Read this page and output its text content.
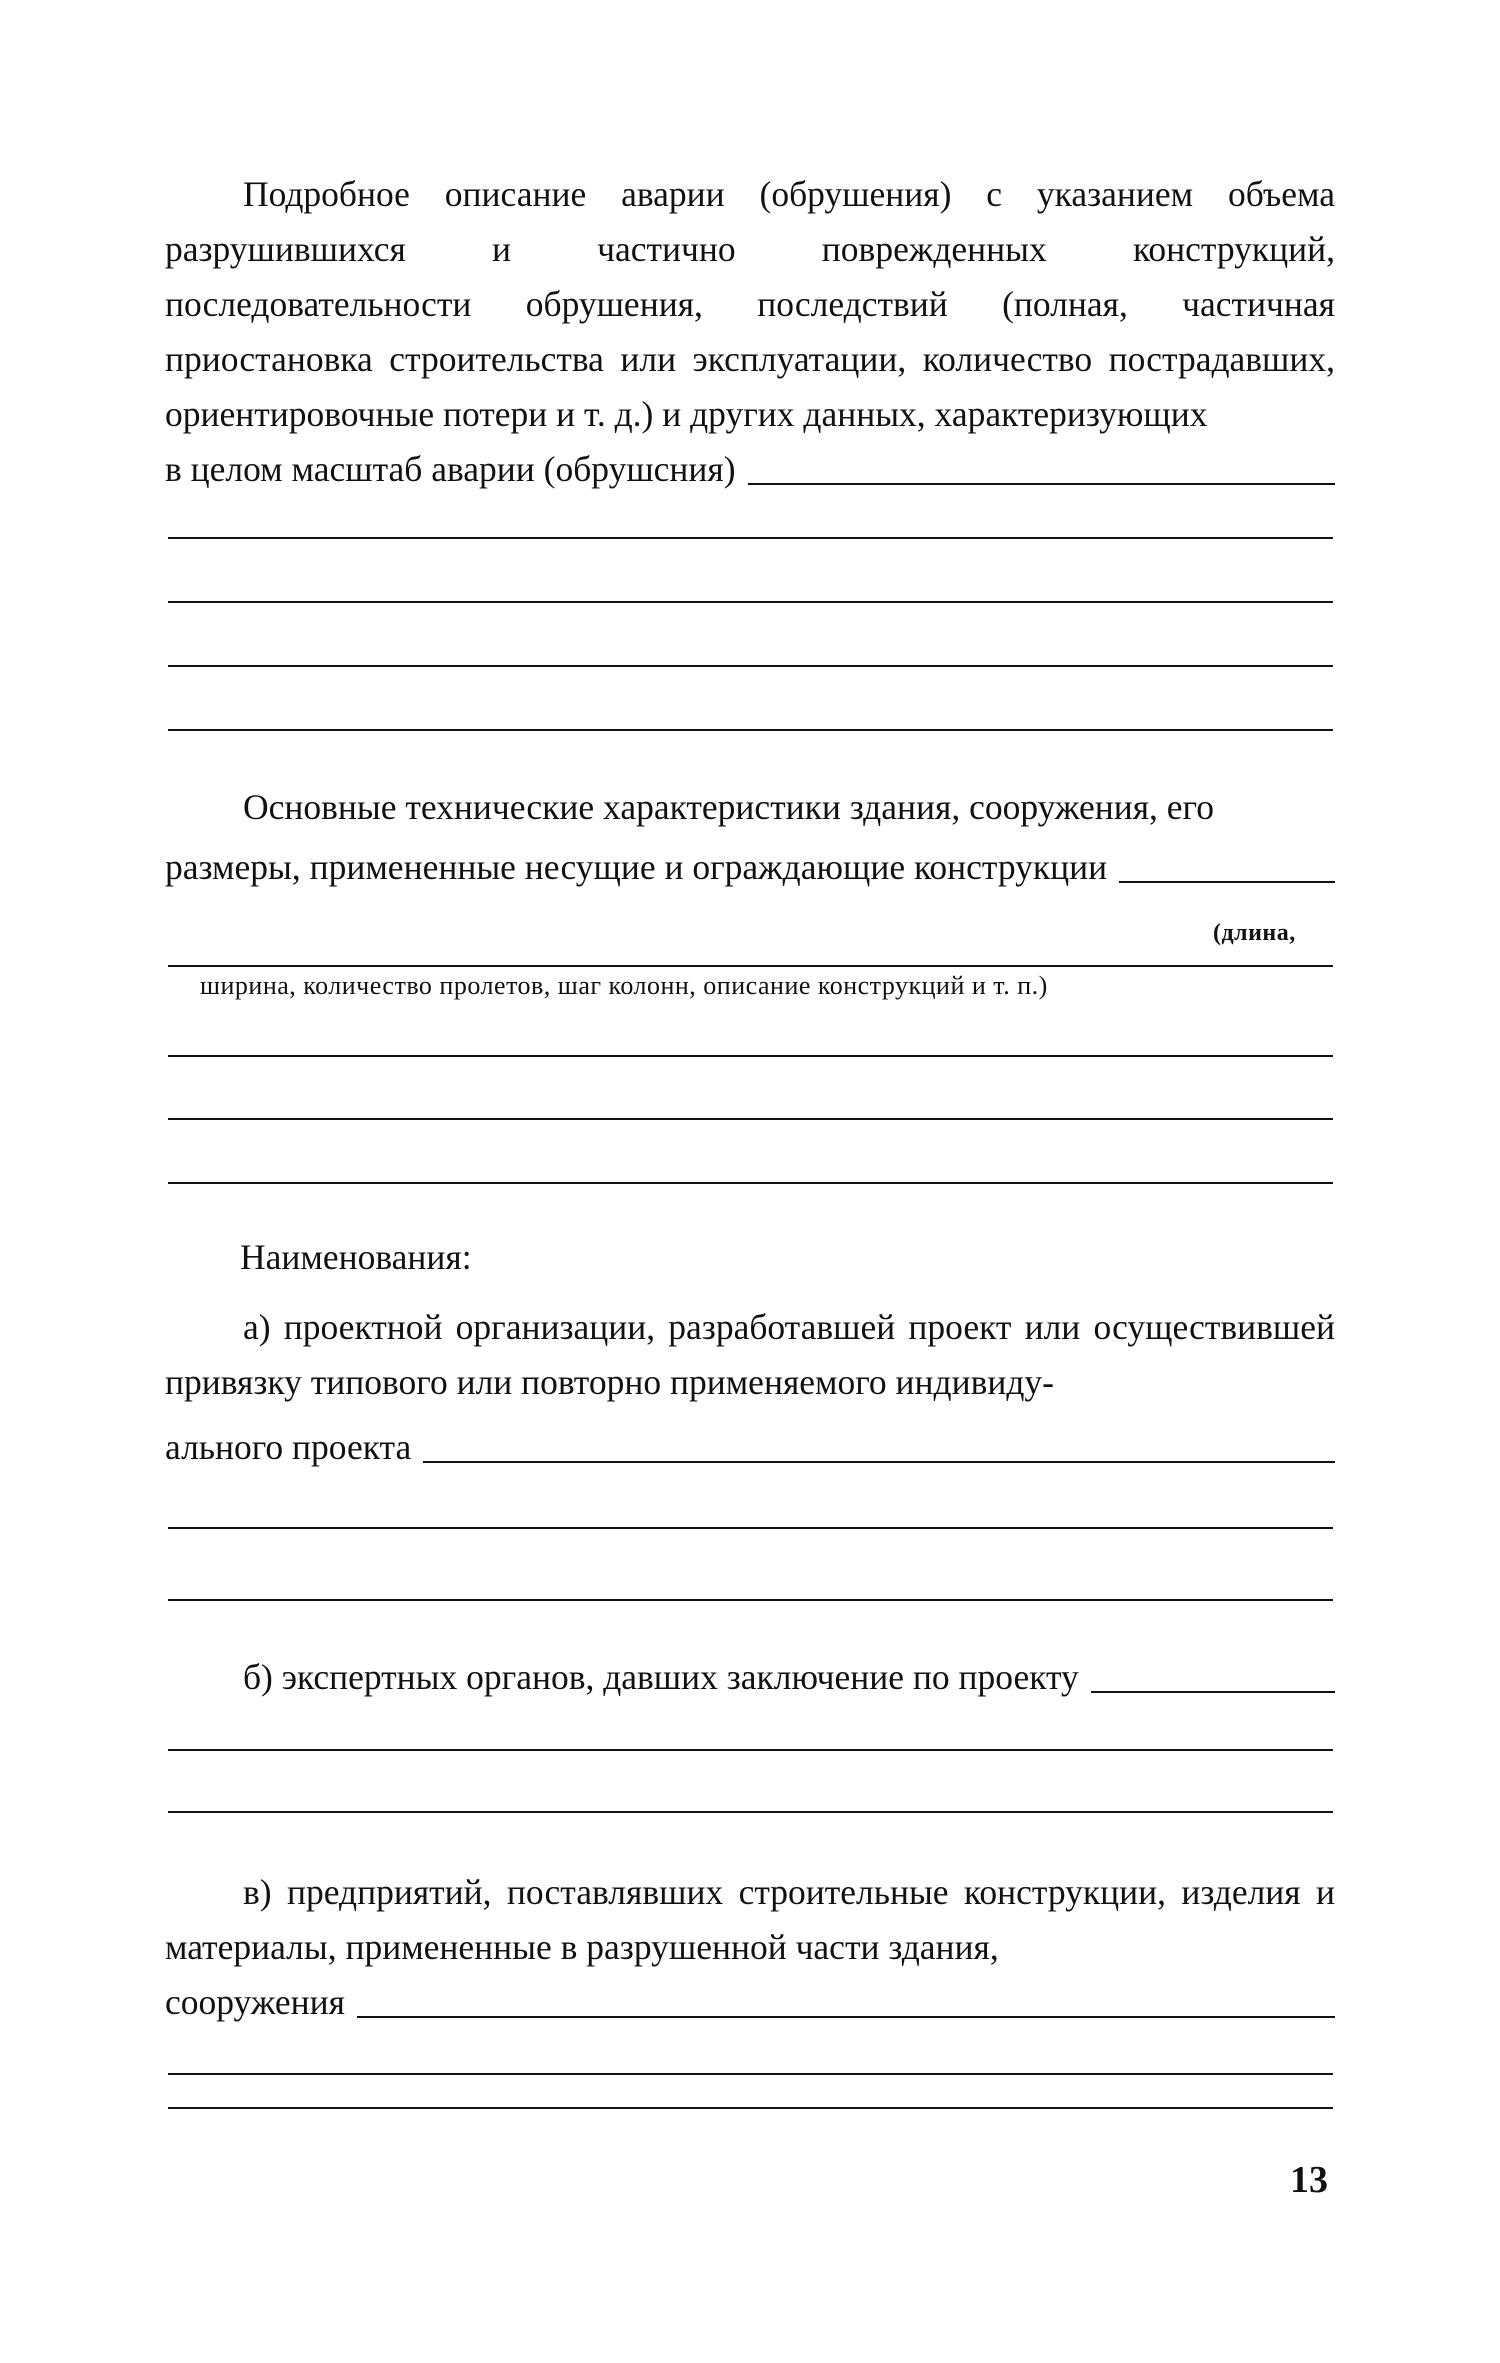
Подробное описание аварии (обрушения) с указанием объема разрушившихся и частично поврежденных конструкций, последовательности обрушения, последствий (полная, частичная приостановка строительства или эксплуатации, количество пострадавших, ориентировочные потери и т. д.) и других данных, характеризующих

в целом масштаб аварии (обрушсния)

Основные технические характеристики здания, сооружения, его

размеры, примененные несущие и ограждающие конструкции
(длина,
ширина, количество пролетов, шаг колонн, описание конструкций и т. п.)

Наименования:

а) проектной организации, разработавшей проект или осуществившей привязку типового или повторно применяемого индивиду-

ального проекта
б) экспертных органов, давших заключение по проекту

в) предприятий, поставлявших строительные конструкции, изделия и материалы, примененные в разрушенной части здания,

сооружения
13
